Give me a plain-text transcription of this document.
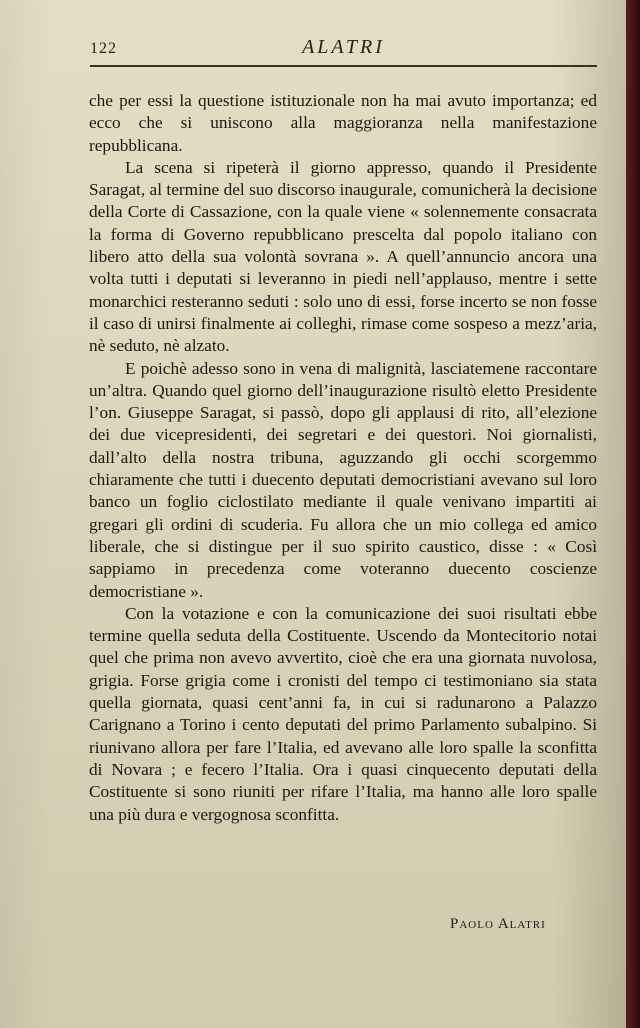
122	ALATRI

che per essi la questione istituzionale non ha mai avuto importanza; ed ecco che si uniscono alla maggioranza nella manifestazione repubblicana.

La scena si ripeterà il giorno appresso, quando il Presidente Saragat, al termine del suo discorso inaugurale, comunicherà la decisione della Corte di Cassazione, con la quale viene « solennemente consacrata la forma di Governo repubblicano prescelta dal popolo italiano con libero atto della sua volontà sovrana ». A quell’annuncio ancora una volta tutti i deputati si leveranno in piedi nell’applauso, mentre i sette monarchici resteranno seduti : solo uno di essi, forse incerto se non fosse il caso di unirsi finalmente ai colleghi, rimase come sospeso a mezz’aria, nè seduto, nè alzato.

E poichè adesso sono in vena di malignità, lasciatemene raccontare un’altra. Quando quel giorno dell’inaugurazione risultò eletto Presidente l’on. Giuseppe Saragat, si passò, dopo gli applausi di rito, all’elezione dei due vicepresidenti, dei segretari e dei questori. Noi giornalisti, dall’alto della nostra tribuna, aguzzando gli occhi scorgemmo chiaramente che tutti i duecento deputati democristiani avevano sul loro banco un foglio ciclostilato mediante il quale venivano impartiti ai gregari gli ordini di scuderia. Fu allora che un mio collega ed amico liberale, che si distingue per il suo spirito caustico, disse : « Così sappiamo in precedenza come voteranno duecento coscienze democristiane ».

Con la votazione e con la comunicazione dei suoi risultati ebbe termine quella seduta della Costituente. Uscendo da Montecitorio notai quel che prima non avevo avvertito, cioè che era una giornata nuvolosa, grigia. Forse grigia come i cronisti del tempo ci testimoniano sia stata quella giornata, quasi cent’anni fa, in cui si radunarono a Palazzo Carignano a Torino i cento deputati del primo Parlamento subalpino. Si riunivano allora per fare l’Italia, ed avevano alle loro spalle la sconfitta di Novara ; e fecero l’Italia. Ora i quasi cinquecento deputati della Costituente si sono riuniti per rifare l’Italia, ma hanno alle loro spalle una più dura e vergognosa sconfitta.

Paolo Alatri
